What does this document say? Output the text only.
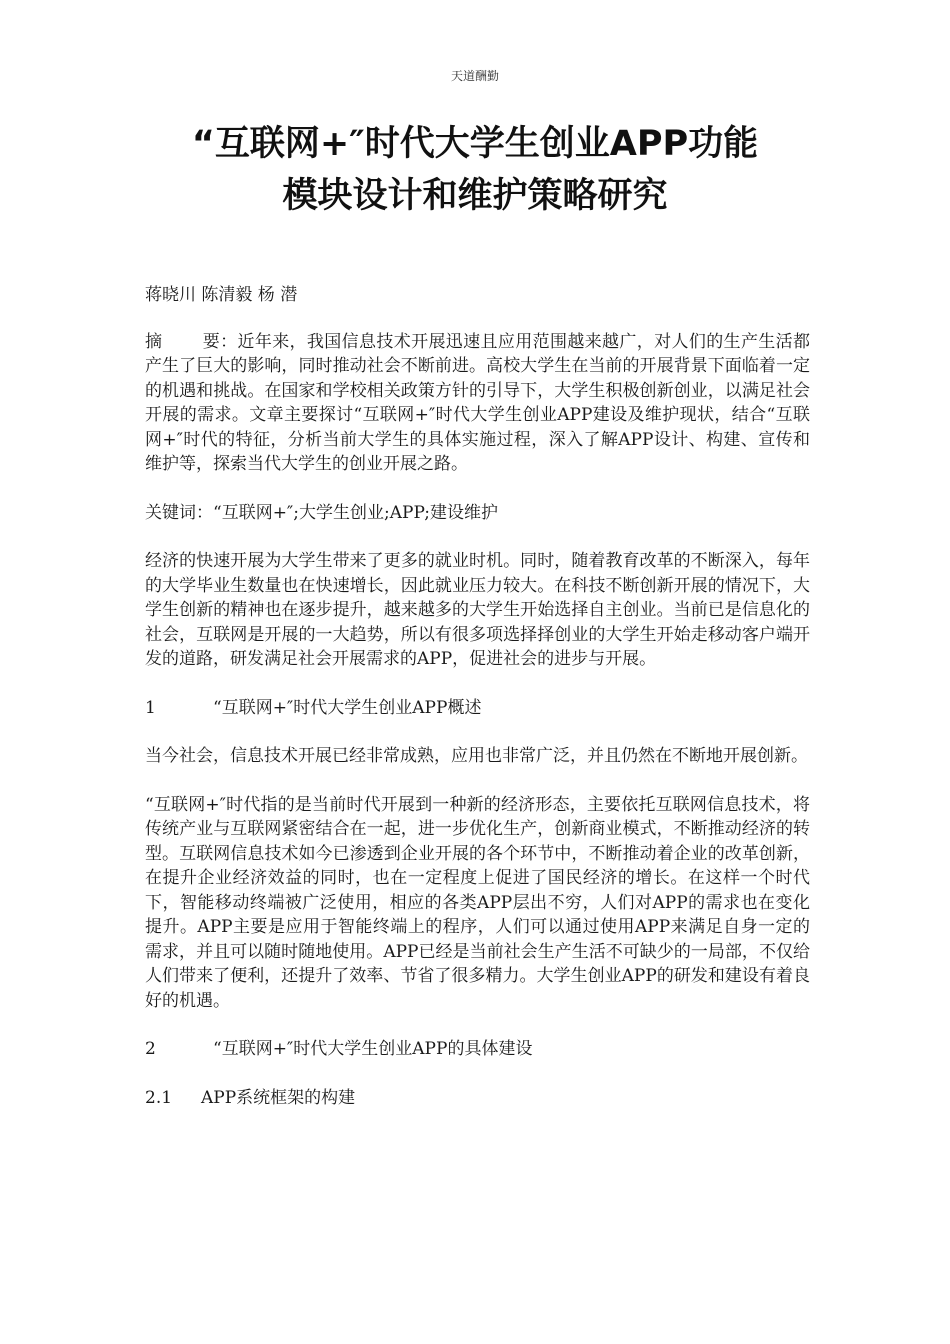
天道酬勤
“互联网+″时代大学生创业APP功能
模块设计和维护策略研究

蒋晓川 陈清毅 杨 潜

摘 要：近年来，我国信息技术开展迅速且应用范围越来越广，对人们的生产生活都产生了巨大的影响，同时推动社会不断前进。高校大学生在当前的开展背景下面临着一定的机遇和挑战。在国家和学校相关政策方针的引导下，大学生积极创新创业，以满足社会开展的需求。文章主要探讨“互联网+″时代大学生创业APP建设及维护现状，结合“互联网+″时代的特征，分析当前大学生的具体实施过程，深入了解APP设计、构建、宣传和维护等，探索当代大学生的创业开展之路。

关键词：“互联网+″;大学生创业;APP;建设维护

经济的快速开展为大学生带来了更多的就业时机。同时，随着教育改革的不断深入，每年的大学毕业生数量也在快速增长，因此就业压力较大。在科技不断创新开展的情况下，大学生创新的精神也在逐步提升，越来越多的大学生开始选择自主创业。当前已是信息化的社会，互联网是开展的一大趋势，所以有很多项选择择创业的大学生开始走移动客户端开发的道路，研发满足社会开展需求的APP，促进社会的进步与开展。

1	“互联网+″时代大学生创业APP概述

当今社会，信息技术开展已经非常成熟，应用也非常广泛，并且仍然在不断地开展创新。

“互联网+″时代指的是当前时代开展到一种新的经济形态，主要依托互联网信息技术，将传统产业与互联网紧密结合在一起，进一步优化生产，创新商业模式，不断推动经济的转型。互联网信息技术如今已渗透到企业开展的各个环节中，不断推动着企业的改革创新，在提升企业经济效益的同时，也在一定程度上促进了国民经济的增长。在这样一个时代下，智能移动终端被广泛使用，相应的各类APP层出不穷，人们对APP的需求也在变化提升。APP主要是应用于智能终端上的程序，人们可以通过使用APP来满足自身一定的需求，并且可以随时随地使用。APP已经是当前社会生产生活不可缺少的一局部，不仅给人们带来了便利，还提升了效率、节省了很多精力。大学生创业APP的研发和建设有着良好的机遇。

2	“互联网+″时代大学生创业APP的具体建设

2.1 APP系统框架的构建
